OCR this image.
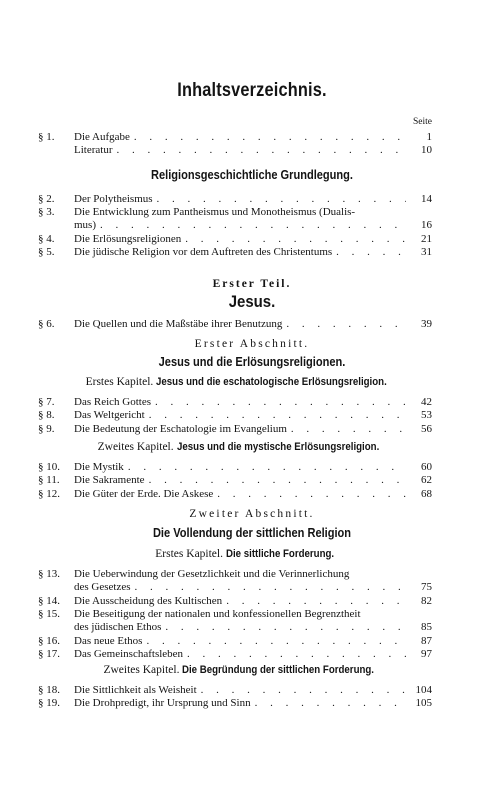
Inhaltsverzeichnis.
Seite
§ 1. Die Aufgabe . . .	1
Literatur . . .	10
Religionsgeschichtliche Grundlegung.
§ 2. Der Polytheismus . . .	14
§ 3. Die Entwicklung zum Pantheismus und Monotheismus (Dualis-
mus) . . .	16
§ 4. Die Erlösungsreligionen . . .	21
§ 5. Die jüdische Religion vor dem Auftreten des Christentums . . .	31
Erster Teil.
Jesus.
§ 6. Die Quellen und die Maßstäbe ihrer Benutzung . . .	39
Erster Abschnitt.
Jesus und die Erlösungsreligionen.
Erstes Kapitel. Jesus und die eschatologische Erlösungsreligion.
§ 7. Das Reich Gottes . . .	42
§ 8. Das Weltgericht . . .	53
§ 9. Die Bedeutung der Eschatologie im Evangelium . . .	56
Zweites Kapitel. Jesus und die mystische Erlösungsreligion.
§ 10. Die Mystik . . .	60
§ 11. Die Sakramente . . .	62
§ 12. Die Güter der Erde. Die Askese . . .	68
Zweiter Abschnitt.
Die Vollendung der sittlichen Religion
Erstes Kapitel. Die sittliche Forderung.
§ 13. Die Ueberwindung der Gesetzlichkeit und die Verinnerlichung
des Gesetzes . . .	75
§ 14. Die Ausscheidung des Kultischen . . .	82
§ 15. Die Beseitigung der nationalen und konfessionellen Begrenztheit
des jüdischen Ethos . . .	85
§ 16. Das neue Ethos . . .	87
§ 17. Das Gemeinschaftsleben . . .	97
Zweites Kapitel. Die Begründung der sittlichen Forderung.
§ 18. Die Sittlichkeit als Weisheit . . .	104
§ 19. Die Drohpredigt, ihr Ursprung und Sinn . . .	105
